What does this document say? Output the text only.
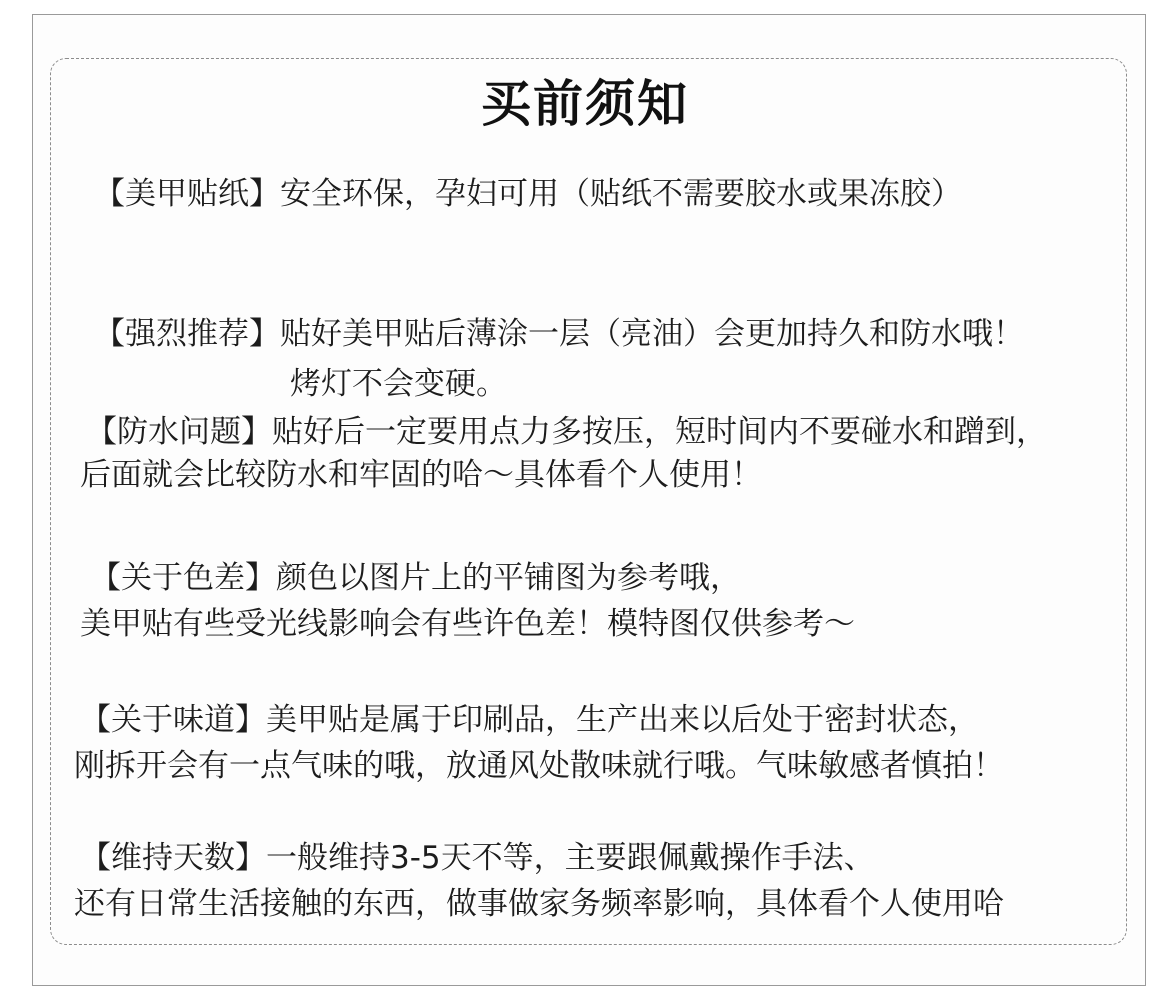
买前须知
【美甲贴纸】安全环保，孕妇可用（贴纸不需要胶水或果冻胶）
【强烈推荐】贴好美甲贴后薄涂一层（亮油）会更加持久和防水哦！
烤灯不会变硬。
【防水问题】贴好后一定要用点力多按压，短时间内不要碰水和蹭到，
后面就会比较防水和牢固的哈～具体看个人使用！
【关于色差】颜色以图片上的平铺图为参考哦，
美甲贴有些受光线影响会有些许色差！模特图仅供参考～
【关于味道】美甲贴是属于印刷品，生产出来以后处于密封状态，
刚拆开会有一点气味的哦，放通风处散味就行哦。气味敏感者慎拍！
【维持天数】一般维持3-5天不等，主要跟佩戴操作手法、
还有日常生活接触的东西，做事做家务频率影响，具体看个人使用哈
